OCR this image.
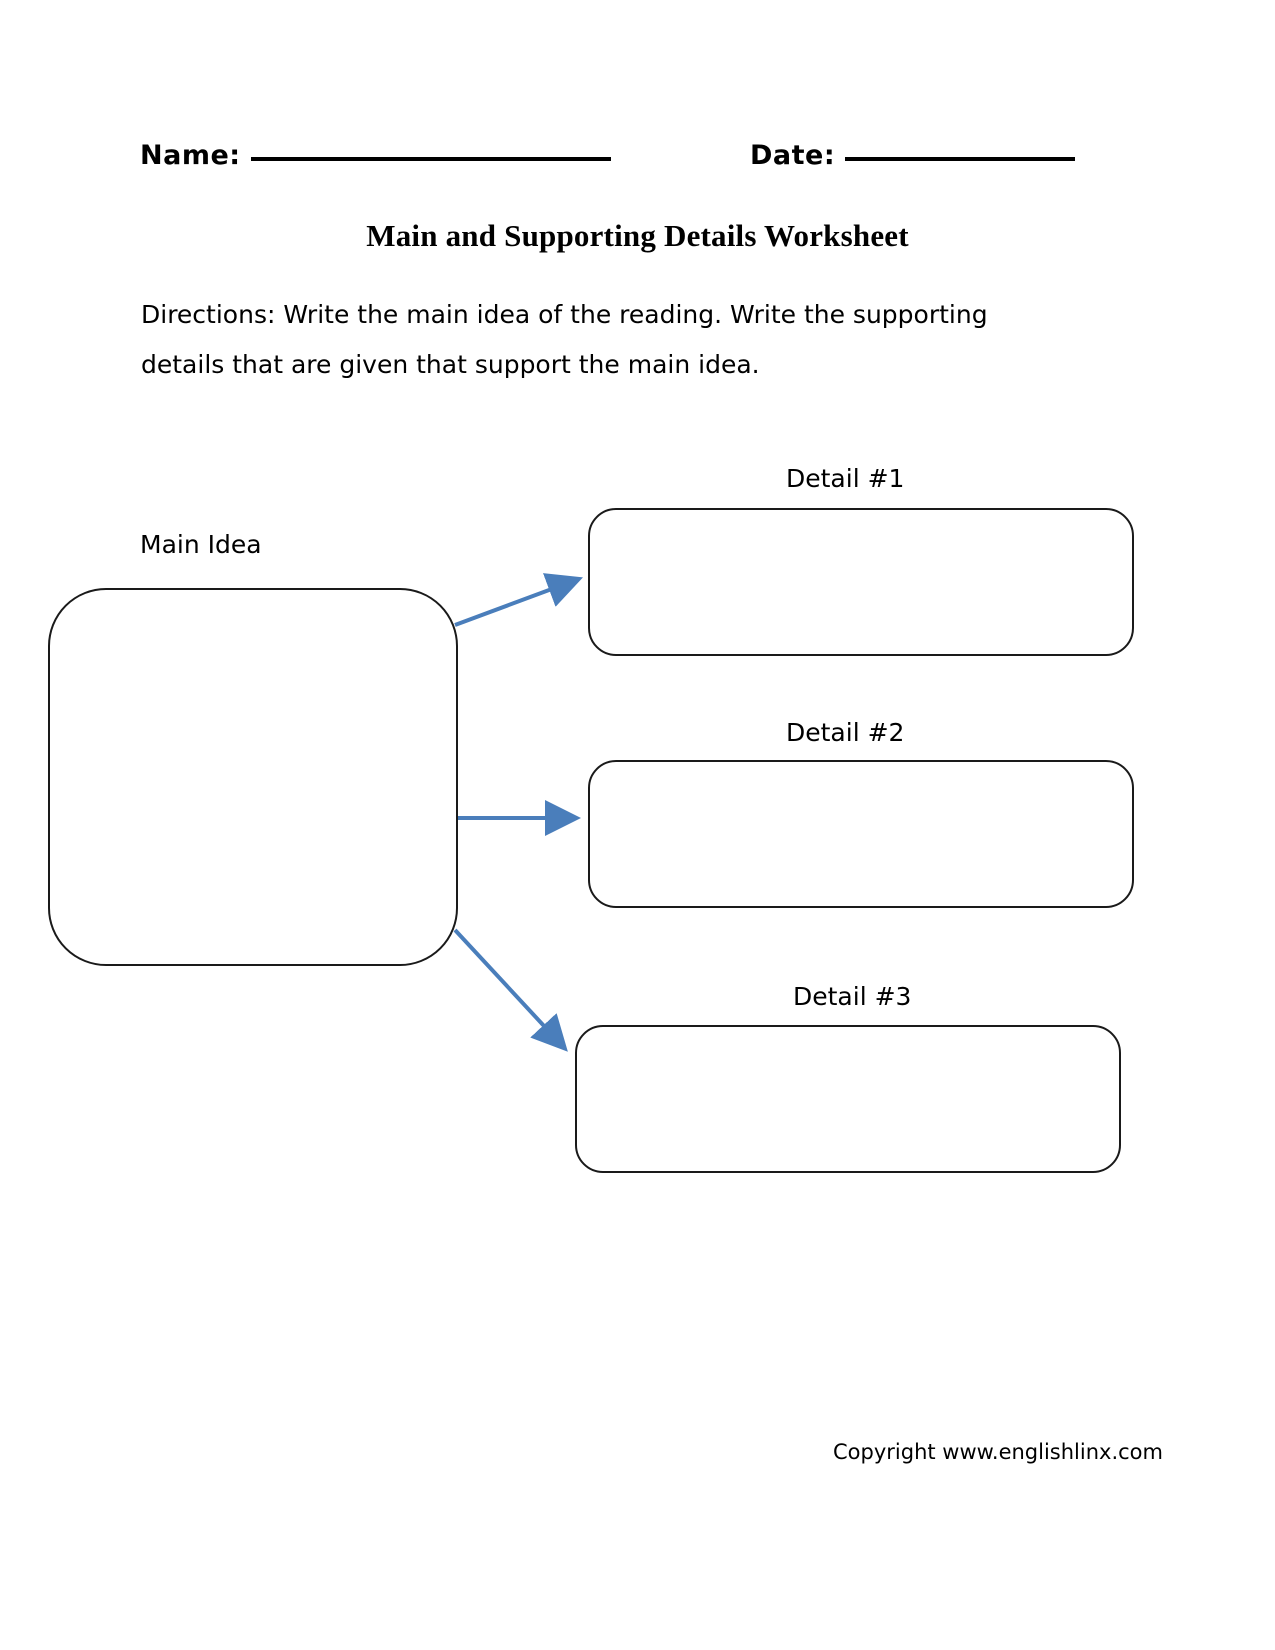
Name:	Date:
Main and Supporting Details Worksheet
Directions: Write the main idea of the reading. Write the supporting details that are given that support the main idea.
Main Idea
Detail #1
Detail #2
Detail #3
Copyright www.englishlinx.com
